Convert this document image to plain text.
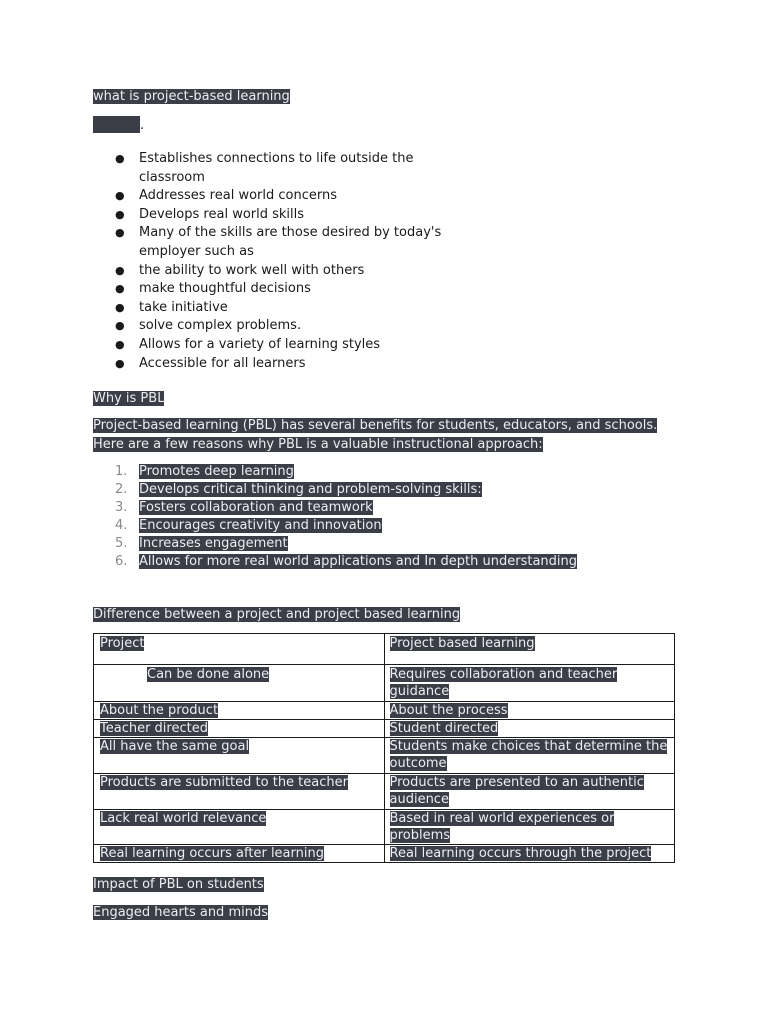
what is project-based learning
.
● Establishes connections to life outside the classroom
● Addresses real world concerns
● Develops real world skills
● Many of the skills are those desired by today's employer such as
● the ability to work well with others
● make thoughtful decisions
● take initiative
● solve complex problems.
● Allows for a variety of learning styles
● Accessible for all learners
Why is PBL
Project-based learning (PBL) has several benefits for students, educators, and schools. Here are a few reasons why PBL is a valuable instructional approach:
1. Promotes deep learning
2. Develops critical thinking and problem-solving skills:
3. Fosters collaboration and teamwork
4. Encourages creativity and innovation
5. Increases engagement
6. Allows for more real world applications and In depth understanding
Difference between a project and project based learning
Project	Project based learning
Can be done alone	Requires collaboration and teacher guidance
About the product	About the process
Teacher directed	Student directed
All have the same goal	Students make choices that determine the outcome
Products are submitted to the teacher	Products are presented to an authentic audience
Lack real world relevance	Based in real world experiences or problems
Real learning occurs after learning	Real learning occurs through the project
Impact of PBL on students
Engaged hearts and minds
